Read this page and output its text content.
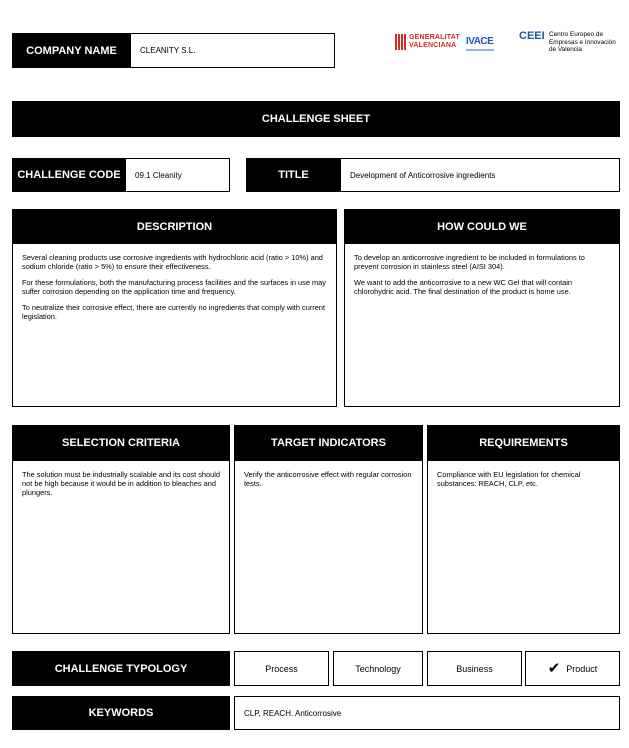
COMPANY NAME	CLEANITY S.L.
GENERALITAT
VALENCIANA IVACE CEEI Centro Europeo de
Empresas e Innovación
de Valencia
CHALLENGE SHEET
CHALLENGE CODE	09.1 Cleanity	TITLE	Development of Anticorrosive ingredients
DESCRIPTION

Several cleaning products use corrosive ingredients with hydrochloric acid (ratio > 10%) and sodium chloride (ratio > 5%) to ensure their effectiveness.

For these formulations, both the manufacturing process facilities and the surfaces in use may suffer corrosion depending on the application time and frequency.

To neutralize their corrosive effect, there are currently no ingredients that comply with current legislation.

HOW COULD WE

To develop an anticorrosive ingredient to be included in formulations to prevent corrosion in stainless steel (AISI 304).

We want to add the anticorrosive to a new WC Gel that will contain chlorohydric acid. The final destination of the product is home use.

SELECTION CRITERIA

The solution must be industrially scalable and its cost should not be high because it would be in addition to bleaches and plungers.

TARGET INDICATORS

Verify the anticorrosive effect with regular corrosion tests.

REQUIREMENTS

Compliance with EU legislation for chemical substances: REACH, CLP, etc.

CHALLENGE TYPOLOGY	Process	Technology	Business	✔ Product
KEYWORDS	CLP, REACH. Anticorrosive
